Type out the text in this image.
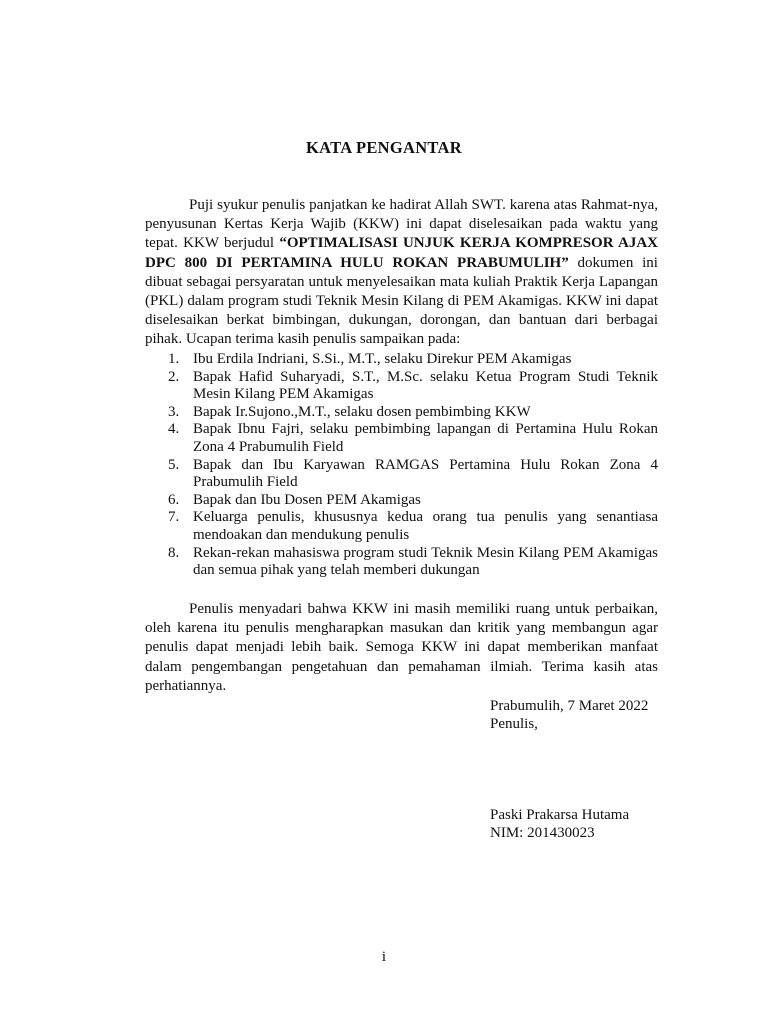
KATA PENGANTAR

Puji syukur penulis panjatkan ke hadirat Allah SWT. karena atas Rahmat-nya, penyusunan Kertas Kerja Wajib (KKW) ini dapat diselesaikan pada waktu yang tepat. KKW berjudul “OPTIMALISASI UNJUK KERJA KOMPRESOR AJAX DPC 800 DI PERTAMINA HULU ROKAN PRABUMULIH” dokumen ini dibuat sebagai persyaratan untuk menyelesaikan mata kuliah Praktik Kerja Lapangan (PKL) dalam program studi Teknik Mesin Kilang di PEM Akamigas. KKW ini dapat diselesaikan berkat bimbingan, dukungan, dorongan, dan bantuan dari berbagai pihak. Ucapan terima kasih penulis sampaikan pada:

1. Ibu Erdila Indriani, S.Si., M.T., selaku Direkur PEM Akamigas
2. Bapak Hafid Suharyadi, S.T., M.Sc. selaku Ketua Program Studi Teknik Mesin Kilang PEM Akamigas
3. Bapak Ir.Sujono.,M.T., selaku dosen pembimbing KKW
4. Bapak Ibnu Fajri, selaku pembimbing lapangan di Pertamina Hulu Rokan Zona 4 Prabumulih Field
5. Bapak dan Ibu Karyawan RAMGAS Pertamina Hulu Rokan Zona 4 Prabumulih Field
6. Bapak dan Ibu Dosen PEM Akamigas
7. Keluarga penulis, khususnya kedua orang tua penulis yang senantiasa mendoakan dan mendukung penulis
8. Rekan-rekan mahasiswa program studi Teknik Mesin Kilang PEM Akamigas dan semua pihak yang telah memberi dukungan

Penulis menyadari bahwa KKW ini masih memiliki ruang untuk perbaikan, oleh karena itu penulis mengharapkan masukan dan kritik yang membangun agar penulis dapat menjadi lebih baik. Semoga KKW ini dapat memberikan manfaat dalam pengembangan pengetahuan dan pemahaman ilmiah. Terima kasih atas perhatiannya.

Prabumulih, 7 Maret 2022
Penulis,
Paski Prakarsa Hutama
NIM: 201430023
i
